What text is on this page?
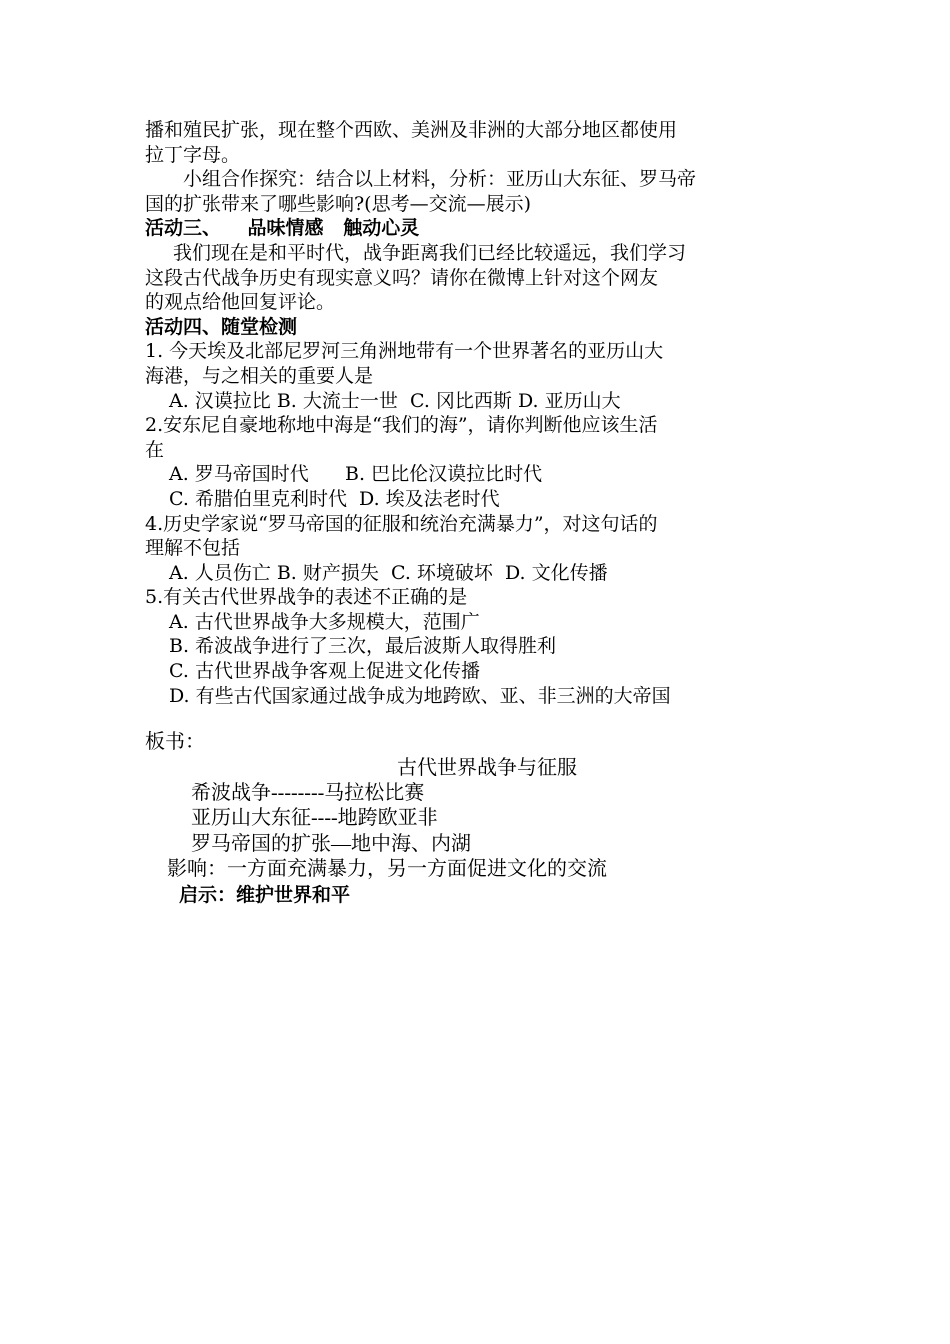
播和殖民扩张，现在整个西欧、美洲及非洲的大部分地区都使用
拉丁字母。
小组合作探究：结合以上材料，分析：亚历山大东征、罗马帝
国的扩张带来了哪些影响?(思考—交流—展示)
活动三、    品味情感   触动心灵
我们现在是和平时代，战争距离我们已经比较遥远，我们学习
这段古代战争历史有现实意义吗？请你在微博上针对这个网友
的观点给他回复评论。
活动四、随堂检测
1. 今天埃及北部尼罗河三角洲地带有一个世界著名的亚历山大
海港，与之相关的重要人是
A. 汉谟拉比 B. 大流士一世  C. 冈比西斯 D. 亚历山大
2.安东尼自豪地称地中海是“我们的海”，请你判断他应该生活
在
A. 罗马帝国时代      B. 巴比伦汉谟拉比时代
C. 希腊伯里克利时代  D. 埃及法老时代
4.历史学家说“罗马帝国的征服和统治充满暴力”，对这句话的
理解不包括
A. 人员伤亡 B. 财产损失  C. 环境破坏  D. 文化传播
5.有关古代世界战争的表述不正确的是
A. 古代世界战争大多规模大，范围广
B. 希波战争进行了三次，最后波斯人取得胜利
C. 古代世界战争客观上促进文化传播
D. 有些古代国家通过战争成为地跨欧、亚、非三洲的大帝国
板书：
古代世界战争与征服
希波战争--------马拉松比赛
亚历山大东征----地跨欧亚非
罗马帝国的扩张—地中海、内湖
影响：一方面充满暴力，另一方面促进文化的交流
启示：维护世界和平
